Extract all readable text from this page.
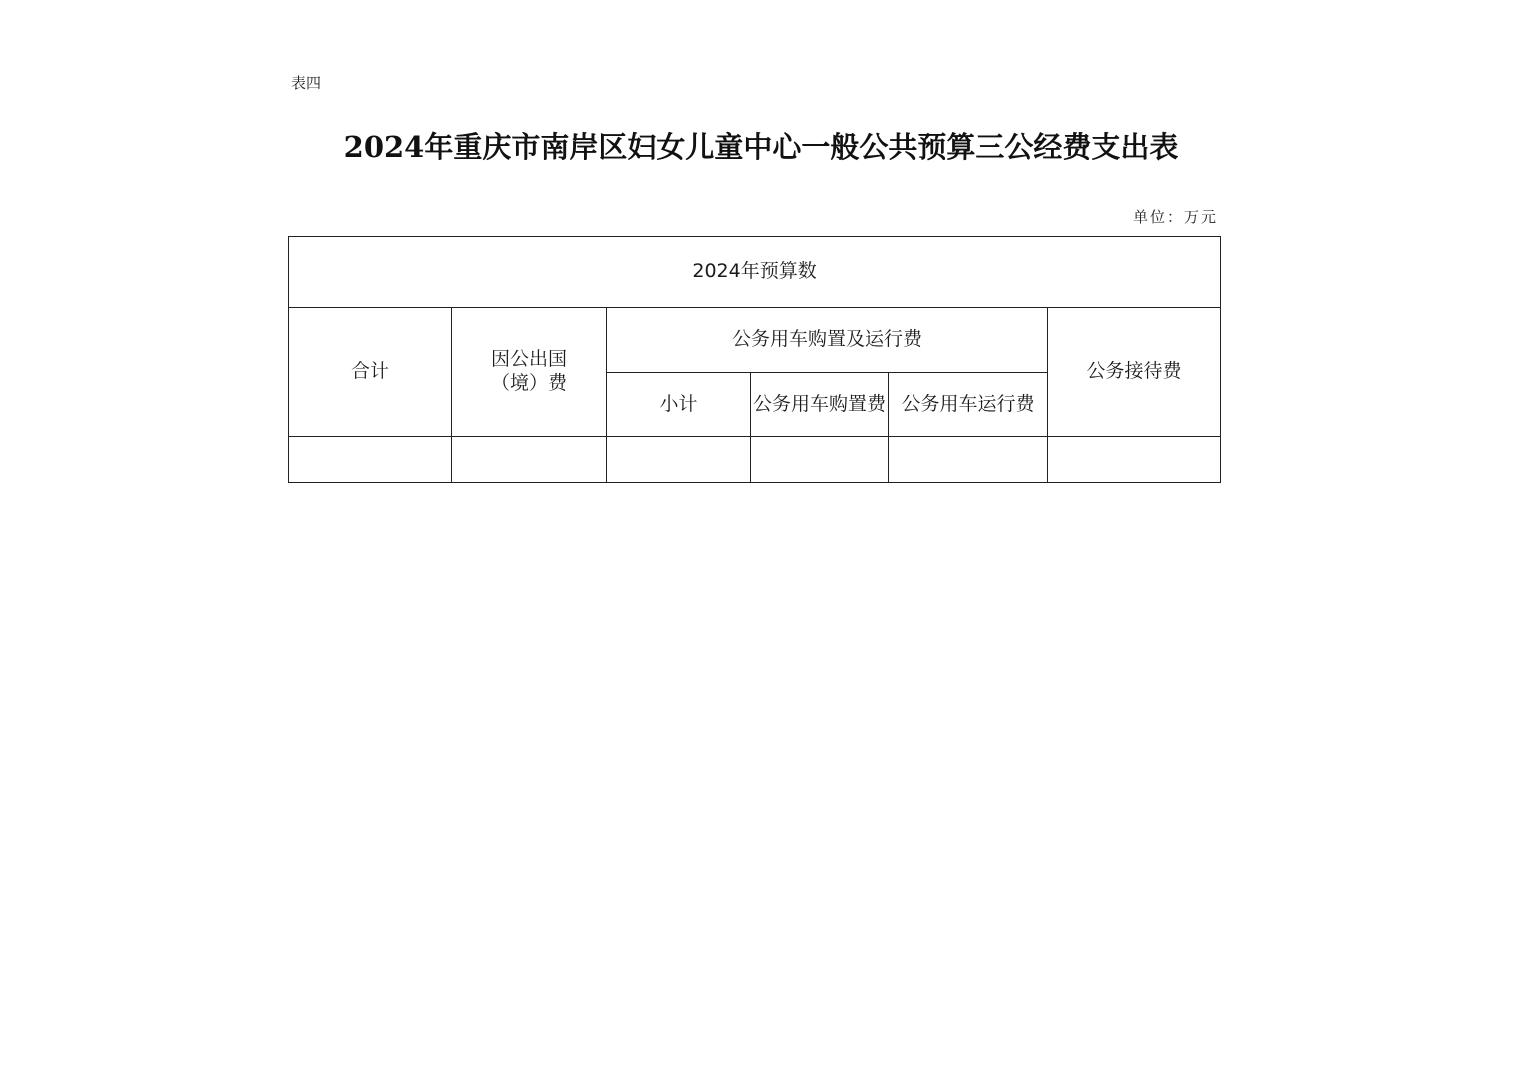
表四
2024年重庆市南岸区妇女儿童中心一般公共预算三公经费支出表
单位：万元
2024年预算数					
合计	因公出国（境）费	公务用车购置及运行费			公务接待费
		小计	公务用车购置费	公务用车运行费	
